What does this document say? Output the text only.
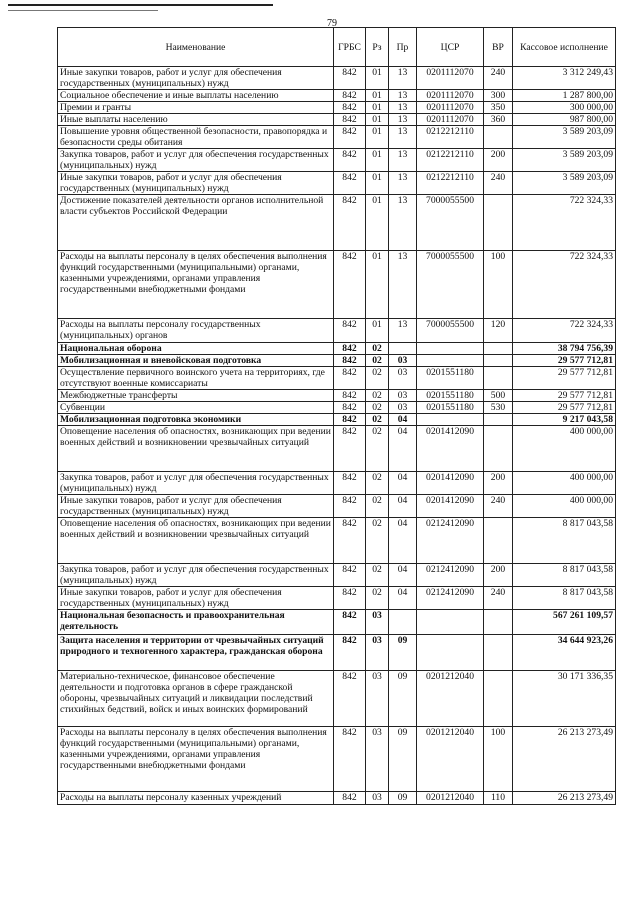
79
Наименование	ГРБС	Рз	Пр	ЦСР	ВР	Кассовое исполнение
Иные закупки товаров, работ и услуг для обеспечения государственных (муниципальных) нужд	842	01	13	0201112070	240	3 312 249,43
Социальное обеспечение и иные выплаты населению	842	01	13	0201112070	300	1 287 800,00
Премии и гранты	842	01	13	0201112070	350	300 000,00
Иные выплаты населению	842	01	13	0201112070	360	987 800,00
Повышение уровня общественной безопасности, правопорядка и безопасности среды обитания	842	01	13	0212212110		3 589 203,09
Закупка товаров, работ и услуг для обеспечения государственных (муниципальных) нужд	842	01	13	0212212110	200	3 589 203,09
Иные закупки товаров, работ и услуг для обеспечения государственных (муниципальных) нужд	842	01	13	0212212110	240	3 589 203,09
Достижение показателей деятельности органов исполнительной власти субъектов Российской Федерации	842	01	13	7000055500		722 324,33
Расходы на выплаты персоналу в целях обеспечения выполнения функций государственными (муниципальными) органами, казенными учреждениями, органами управления государственными внебюджетными фондами	842	01	13	7000055500	100	722 324,33
Расходы на выплаты персоналу государственных (муниципальных) органов	842	01	13	7000055500	120	722 324,33
Национальная оборона	842	02				38 794 756,39
Мобилизационная и вневойсковая подготовка	842	02	03			29 577 712,81
Осуществление первичного воинского учета на территориях, где отсутствуют военные комиссариаты	842	02	03	0201551180		29 577 712,81
Межбюджетные трансферты	842	02	03	0201551180	500	29 577 712,81
Субвенции	842	02	03	0201551180	530	29 577 712,81
Мобилизационная подготовка экономики	842	02	04			9 217 043,58
Оповещение населения об опасностях, возникающих при ведении военных действий и возникновении чрезвычайных ситуаций	842	02	04	0201412090		400 000,00
Закупка товаров, работ и услуг для обеспечения государственных (муниципальных) нужд	842	02	04	0201412090	200	400 000,00
Иные закупки товаров, работ и услуг для обеспечения государственных (муниципальных) нужд	842	02	04	0201412090	240	400 000,00
Оповещение населения об опасностях, возникающих при ведении военных действий и возникновении чрезвычайных ситуаций	842	02	04	0212412090		8 817 043,58
Закупка товаров, работ и услуг для обеспечения государственных (муниципальных) нужд	842	02	04	0212412090	200	8 817 043,58
Иные закупки товаров, работ и услуг для обеспечения государственных (муниципальных) нужд	842	02	04	0212412090	240	8 817 043,58
Национальная безопасность и правоохранительная деятельность	842	03				567 261 109,57
Защита населения и территории от чрезвычайных ситуаций природного и техногенного характера, гражданская оборона	842	03	09			34 644 923,26
Материально-техническое, финансовое обеспечение деятельности и подготовка органов в сфере гражданской обороны, чрезвычайных ситуаций и ликвидации последствий стихийных бедствий, войск и иных воинских формирований	842	03	09	0201212040		30 171 336,35
Расходы на выплаты персоналу в целях обеспечения выполнения функций государственными (муниципальными) органами, казенными учреждениями, органами управления государственными внебюджетными фондами	842	03	09	0201212040	100	26 213 273,49
Расходы на выплаты персоналу казенных учреждений	842	03	09	0201212040	110	26 213 273,49
